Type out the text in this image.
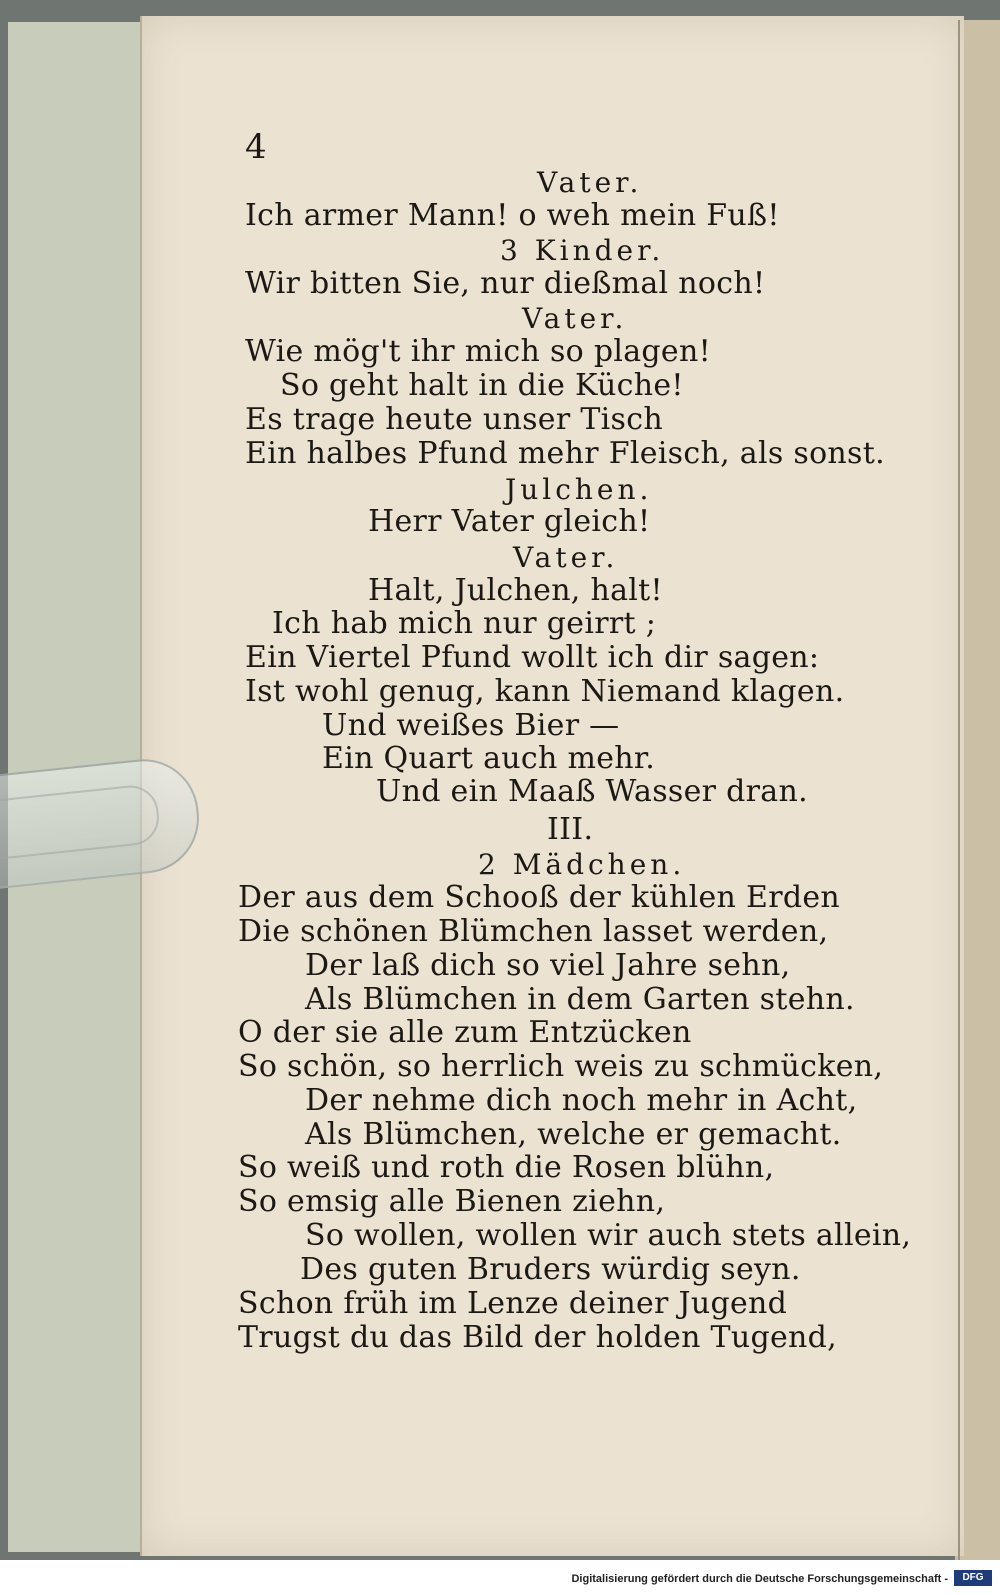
4
Vater.
Ich armer Mann! o weh mein Fuß!
3 Kinder.
Wir bitten Sie, nur dießmal noch!
Vater.
Wie mög't ihr mich so plagen!
So geht halt in die Küche!
Es trage heute unser Tisch
Ein halbes Pfund mehr Fleisch, als sonst.
Julchen.
Herr Vater gleich!
Vater.
Halt, Julchen, halt!
Ich hab mich nur geirrt ;
Ein Viertel Pfund wollt ich dir sagen:
Ist wohl genug, kann Niemand klagen.
Und weißes Bier —
Ein Quart auch mehr.
Und ein Maaß Wasser dran.
III.
2 Mädchen.
Der aus dem Schooß der kühlen Erden
Die schönen Blümchen lasset werden,
Der laß dich so viel Jahre sehn,
Als Blümchen in dem Garten stehn.
O der sie alle zum Entzücken
So schön, so herrlich weis zu schmücken,
Der nehme dich noch mehr in Acht,
Als Blümchen, welche er gemacht.
So weiß und roth die Rosen blühn,
So emsig alle Bienen ziehn,
So wollen, wollen wir auch stets allein,
Des guten Bruders würdig seyn.
Schon früh im Lenze deiner Jugend
Trugst du das Bild der holden Tugend,
Digitalisierung gefördert durch die Deutsche Forschungsgemeinschaft -	DFG
